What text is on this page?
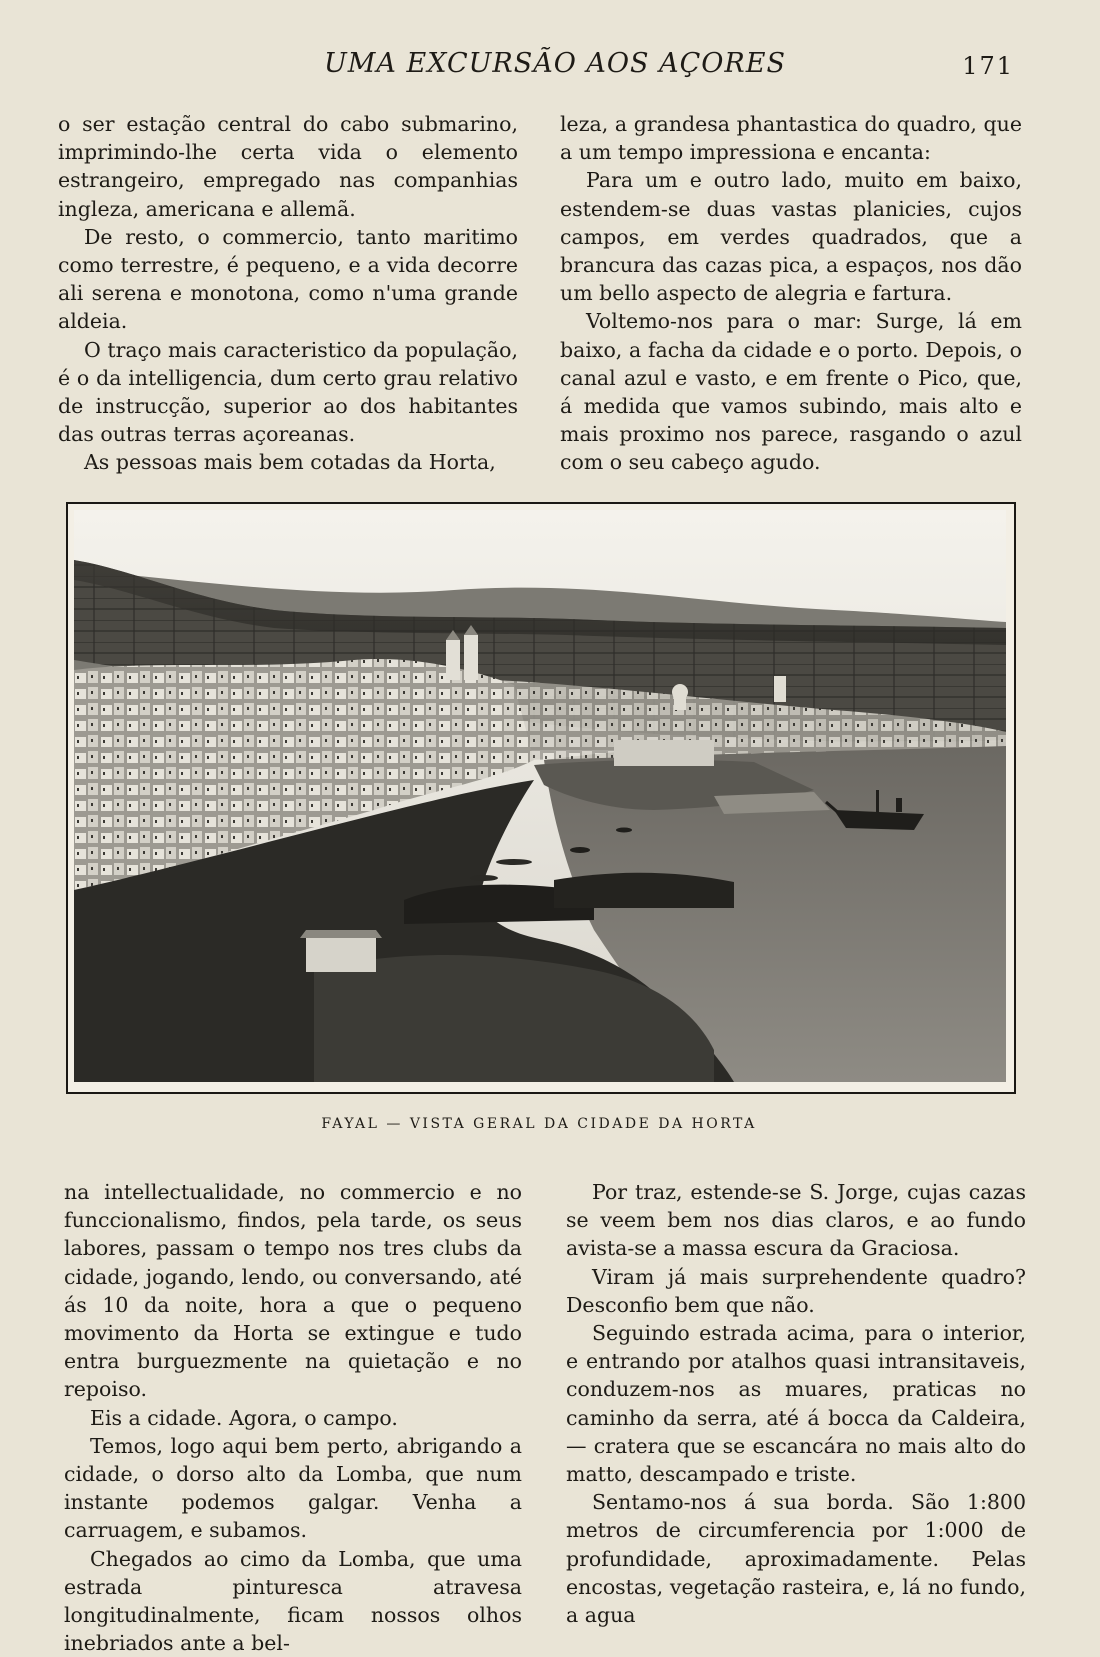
UMA EXCURSÃO AOS AÇORES	171

o ser estação central do cabo submarino, imprimindo-lhe certa vida o elemento estrangeiro, empregado nas companhias ingleza, americana e allemã.

De resto, o commercio, tanto maritimo como terrestre, é pequeno, e a vida decorre ali serena e monotona, como n'uma grande aldeia.

O traço mais caracteristico da população, é o da intelligencia, dum certo grau relativo de instrucção, superior ao dos habitantes das outras terras açoreanas.

As pessoas mais bem cotadas da Horta,

leza, a grandesa phantastica do quadro, que a um tempo impressiona e encanta:

Para um e outro lado, muito em baixo, estendem-se duas vastas planicies, cujos campos, em verdes quadrados, que a brancura das cazas pica, a espaços, nos dão um bello aspecto de alegria e fartura.

Voltemo-nos para o mar: Surge, lá em baixo, a facha da cidade e o porto. Depois, o canal azul e vasto, e em frente o Pico, que, á medida que vamos subindo, mais alto e mais proximo nos parece, rasgando o azul com o seu cabeço agudo.

FAYAL — VISTA GERAL DA CIDADE DA HORTA

na intellectualidade, no commercio e no funccionalismo, findos, pela tarde, os seus labores, passam o tempo nos tres clubs da cidade, jogando, lendo, ou conversando, até ás 10 da noite, hora a que o pequeno movimento da Horta se extingue e tudo entra burguezmente na quietação e no repoiso.

Eis a cidade. Agora, o campo.

Temos, logo aqui bem perto, abrigando a cidade, o dorso alto da Lomba, que num instante podemos galgar. Venha a carruagem, e subamos.

Chegados ao cimo da Lomba, que uma estrada pinturesca atravesa longitudinalmente, ficam nossos olhos inebriados ante a bel-

Por traz, estende-se S. Jorge, cujas cazas se veem bem nos dias claros, e ao fundo avista-se a massa escura da Graciosa.

Viram já mais surprehendente quadro? Desconfio bem que não.

Seguindo estrada acima, para o interior, e entrando por atalhos quasi intransitaveis, conduzem-nos as muares, praticas no caminho da serra, até á bocca da Caldeira, — cratera que se escancára no mais alto do matto, descampado e triste.

Sentamo-nos á sua borda. São 1:800 metros de circumferencia por 1:000 de profundidade, aproximadamente. Pelas encostas, vegetação rasteira, e, lá no fundo, a agua
